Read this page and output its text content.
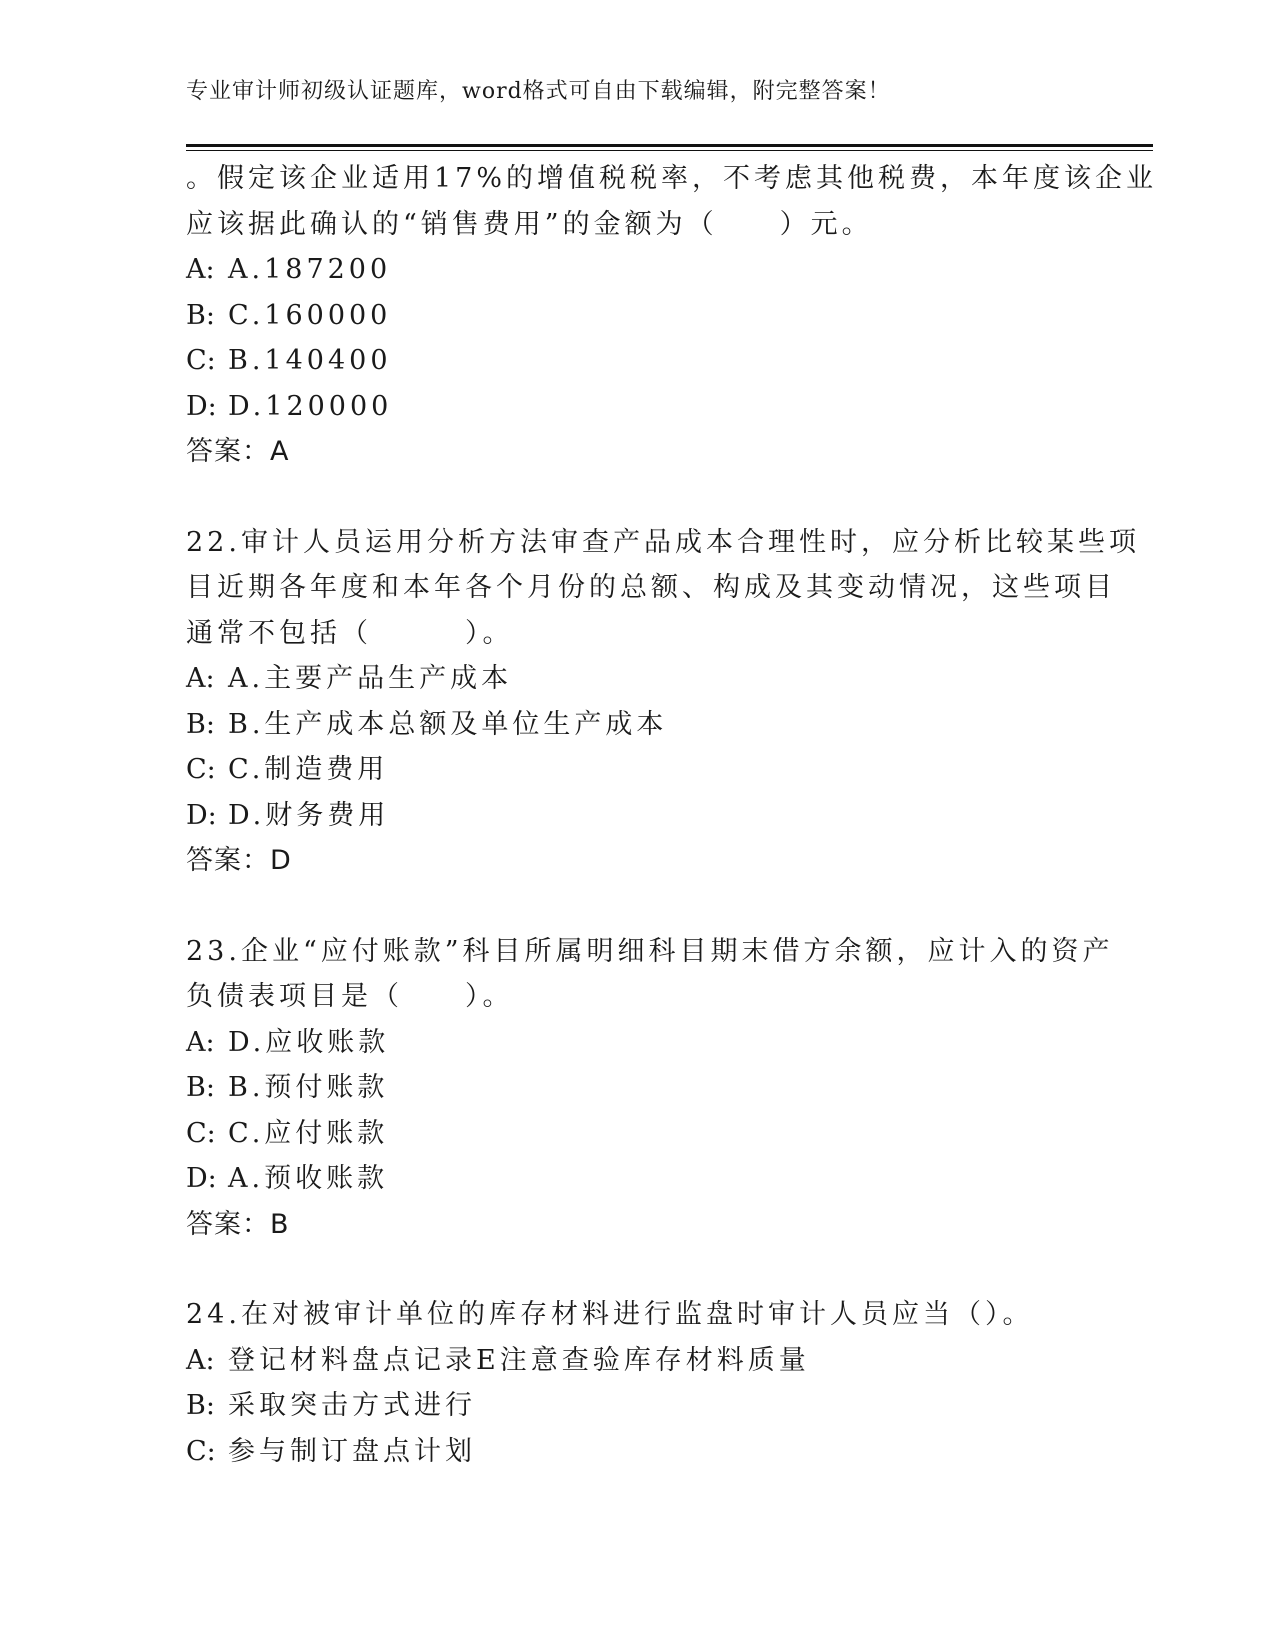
专业审计师初级认证题库，word格式可自由下载编辑，附完整答案！
。假定该企业适用17%的增值税税率，不考虑其他税费，本年度该企业
应该据此确认的“销售费用”的金额为（　　）元。
A: A.187200
B: C.160000
C: B.140400
D: D.120000
答案：A
22.审计人员运用分析方法审查产品成本合理性时，应分析比较某些项
目近期各年度和本年各个月份的总额、构成及其变动情况，这些项目
通常不包括（　　　）。
A: A.主要产品生产成本
B: B.生产成本总额及单位生产成本
C: C.制造费用
D: D.财务费用
答案：D
23.企业“应付账款”科目所属明细科目期末借方余额，应计入的资产
负债表项目是（　　）。
A: D.应收账款
B: B.预付账款
C: C.应付账款
D: A.预收账款
答案：B
24.在对被审计单位的库存材料进行监盘时审计人员应当（）。
A: 登记材料盘点记录E注意查验库存材料质量
B: 采取突击方式进行
C: 参与制订盘点计划
